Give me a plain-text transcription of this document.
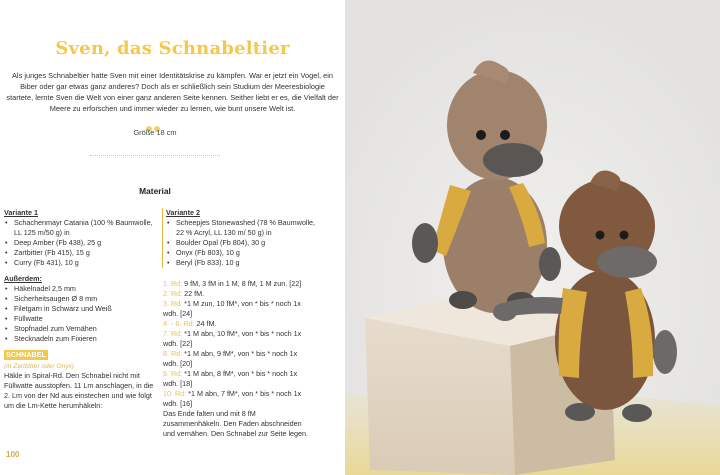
Sven, das Schnabeltier
Als junges Schnabeltier hatte Sven mit einer Identitätskrise zu kämpfen. War er jetzt ein Vogel, ein Biber oder gar etwas ganz anderes? Doch als er schließlich sein Studium der Meeresbiologie startete, lernte Sven die Welt von einer ganz anderen Seite kennen. Seither liebt er es, die Vielfalt der Meere zu erforschen und immer wieder zu lernen, wie bunt unsere Welt ist.
Größe 18 cm
Material
Variante 1
• Schachenmayr Catania (100 % Baumwolle, LL 125 m/50 g) in
• Deep Amber (Fb 438), 25 g
• Zartbitter (Fb 415), 15 g
• Curry (Fb 431), 10 g
Außerdem:
• Häkelnadel 2,5 mm
• Sicherheitsaugen Ø 8 mm
• Filetgarn in Schwarz und Weiß
• Füllwatte
• Stopfnadel zum Vernähen
• Stecknadeln zum Fixieren
SCHNABEL
(in Zartbitter oder Onyx)
Häkle in Spiral-Rd. Den Schnabel nicht mit Füllwatte ausstopfen. 11 Lm anschlagen, in die 2. Lm von der Nd aus einstechen und wie folgt um die Lm-Kette herumhäkeln:
Variante 2
• Scheepjes Stonewashed (78 % Baumwolle, 22 % Acryl, LL 130 m/ 50 g) in
• Boulder Opal (Fb 804), 30 g
• Onyx (Fb 803), 10 g
• Beryl (Fb 833). 10 g
1. Rd: 9 fM, 3 fM in 1 M, 8 fM, 1 M zun. [22]
2. Rd: 22 fM.
3. Rd: *1 M zun, 10 fM*, von * bis * noch 1x wdh. [24]
4. - 6. Rd: 24 fM.
7. Rd: *1 M abn, 10 fM*, von * bis * noch 1x wdh. [22]
8. Rd: *1 M abn, 9 fM*, von * bis * noch 1x wdh. [20]
9. Rd: *1 M abn, 8 fM*, von * bis * noch 1x wdh. [18]
10. Rd: *1 M abn, 7 fM*, von * bis * noch 1x wdh. [16]
Das Ende falten und mit 8 fM zusammenhäkeln. Den Faden abschneiden und vernähen. Den Schnabel zur Seite legen.
100
